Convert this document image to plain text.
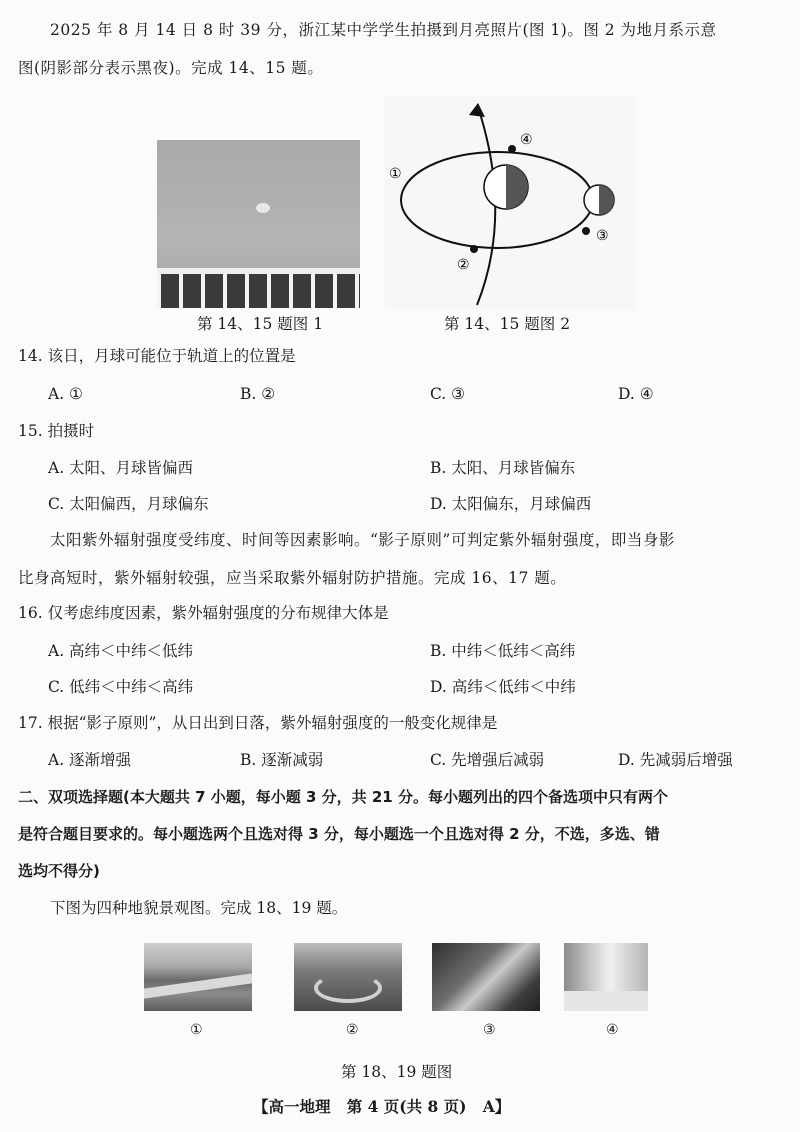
2025 年 8 月 14 日 8 时 39 分，浙江某中学学生拍摄到月亮照片(图 1)。图 2 为地月系示意
图(阴影部分表示黑夜)。完成 14、15 题。
第 14、15 题图 1
④
①
②
③
第 14、15 题图 2
14. 该日，月球可能位于轨道上的位置是
A. ①	B. ②	C. ③	D. ④
15. 拍摄时
A. 太阳、月球皆偏西	B. 太阳、月球皆偏东
C. 太阳偏西，月球偏东	D. 太阳偏东，月球偏西
太阳紫外辐射强度受纬度、时间等因素影响。“影子原则”可判定紫外辐射强度，即当身影
比身高短时，紫外辐射较强，应当采取紫外辐射防护措施。完成 16、17 题。
16. 仅考虑纬度因素，紫外辐射强度的分布规律大体是
A. 高纬＜中纬＜低纬	B. 中纬＜低纬＜高纬
C. 低纬＜中纬＜高纬	D. 高纬＜低纬＜中纬
17. 根据“影子原则”，从日出到日落，紫外辐射强度的一般变化规律是
A. 逐渐增强	B. 逐渐减弱	C. 先增强后减弱	D. 先减弱后增强
二、双项选择题(本大题共 7 小题，每小题 3 分，共 21 分。每小题列出的四个备选项中只有两个
是符合题目要求的。每小题选两个且选对得 3 分，每小题选一个且选对得 2 分，不选，多选、错
选均不得分)
下图为四种地貌景观图。完成 18、19 题。
①	②	③	④
第 18、19 题图
【高一地理   第 4 页(共 8 页)   A】
